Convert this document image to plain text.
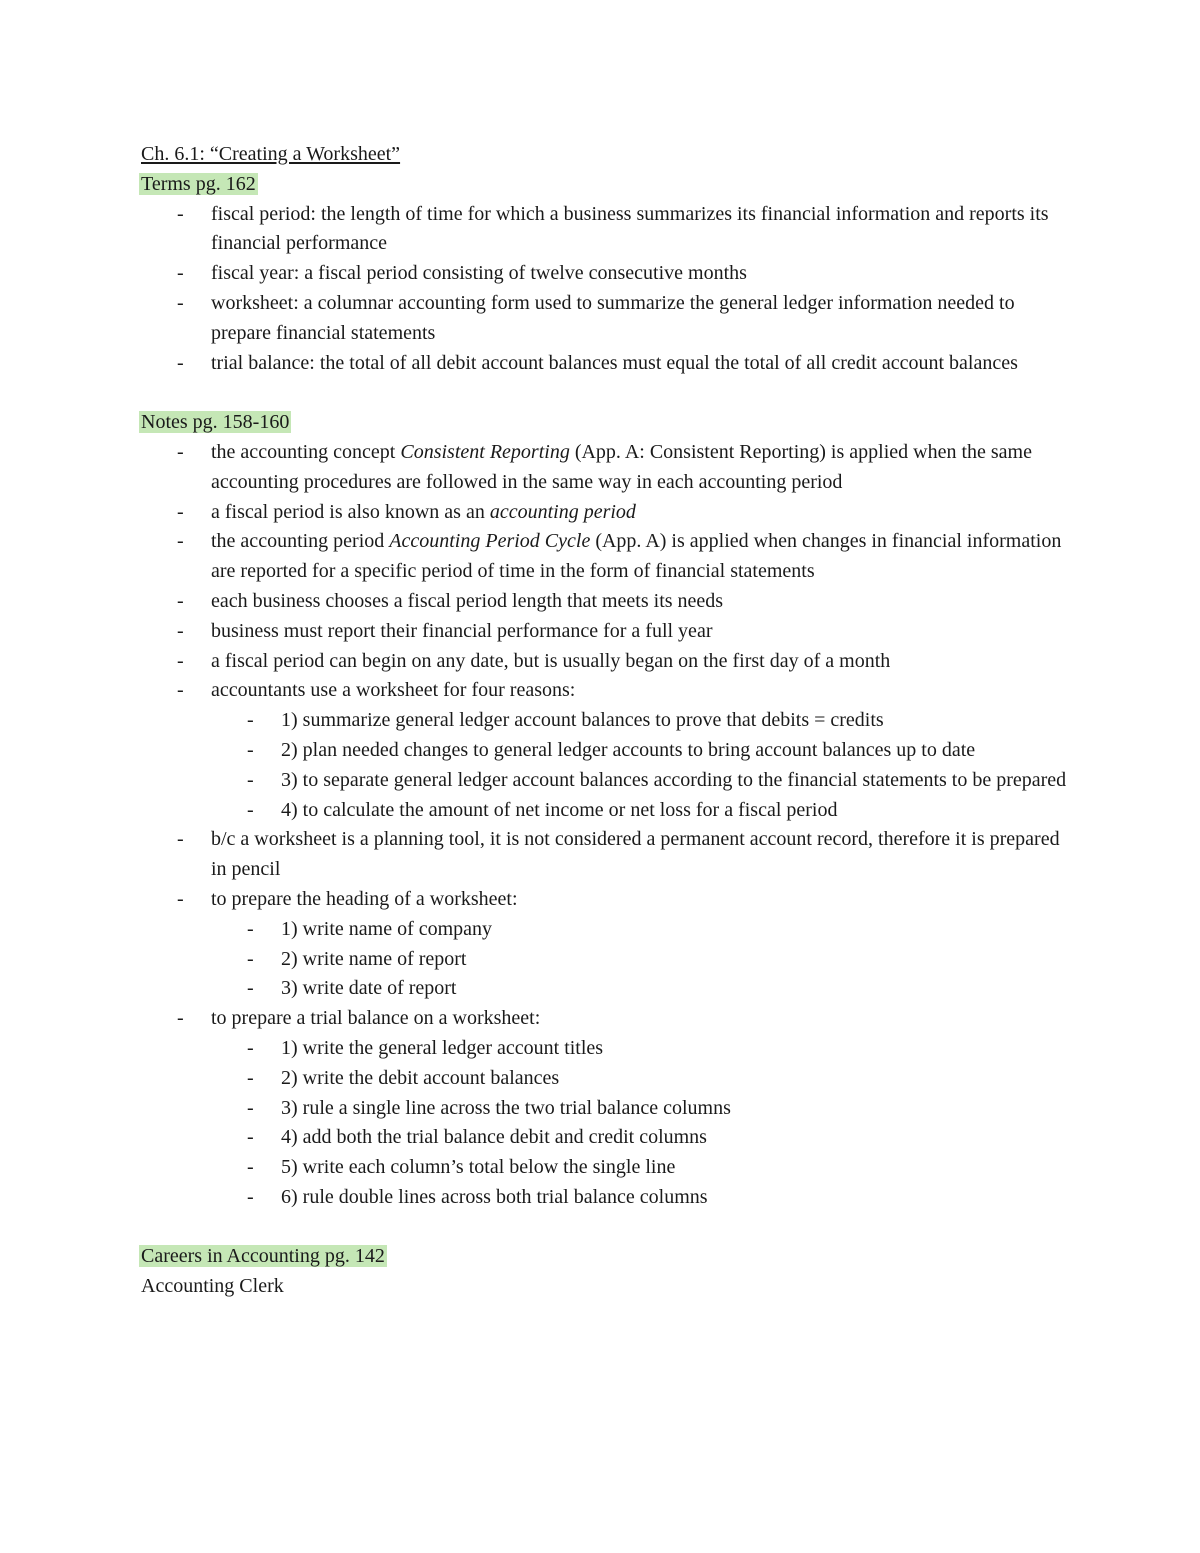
Ch. 6.1: “Creating a Worksheet”
Terms pg. 162
- fiscal period: the length of time for which a business summarizes its financial information and reports its financial performance
- fiscal year: a fiscal period consisting of twelve consecutive months
- worksheet: a columnar accounting form used to summarize the general ledger information needed to prepare financial statements
- trial balance: the total of all debit account balances must equal the total of all credit account balances
Notes pg. 158-160
- the accounting concept Consistent Reporting (App. A: Consistent Reporting) is applied when the same accounting procedures are followed in the same way in each accounting period
- a fiscal period is also known as an accounting period
- the accounting period Accounting Period Cycle (App. A) is applied when changes in financial information are reported for a specific period of time in the form of financial statements
- each business chooses a fiscal period length that meets its needs
- business must report their financial performance for a full year
- a fiscal period can begin on any date, but is usually began on the first day of a month
- accountants use a worksheet for four reasons:
- 1) summarize general ledger account balances to prove that debits = credits
- 2) plan needed changes to general ledger accounts to bring account balances up to date
- 3) to separate general ledger account balances according to the financial statements to be prepared
- 4) to calculate the amount of net income or net loss for a fiscal period
- b/c a worksheet is a planning tool, it is not considered a permanent account record, therefore it is prepared in pencil
- to prepare the heading of a worksheet:
- 1) write name of company
- 2) write name of report
- 3) write date of report
- to prepare a trial balance on a worksheet:
- 1) write the general ledger account titles
- 2) write the debit account balances
- 3) rule a single line across the two trial balance columns
- 4) add both the trial balance debit and credit columns
- 5) write each column’s total below the single line
- 6) rule double lines across both trial balance columns
Careers in Accounting pg. 142
Accounting Clerk
